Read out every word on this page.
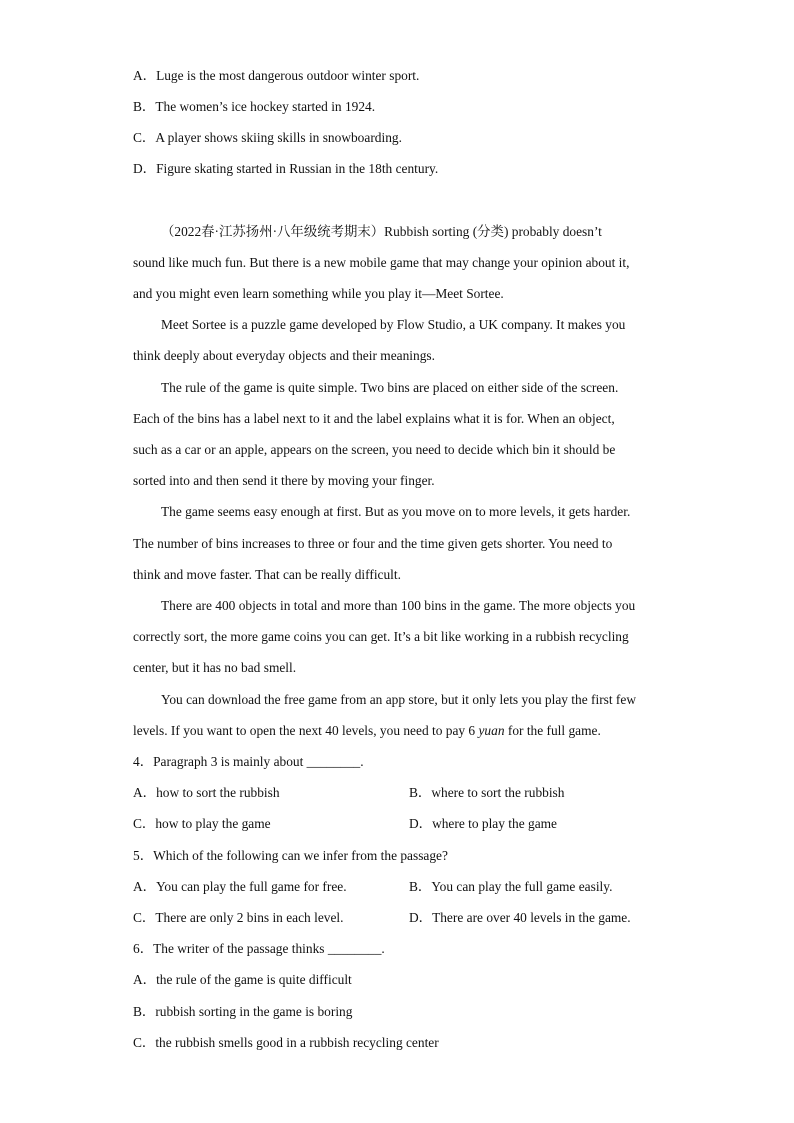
A．Luge is the most dangerous outdoor winter sport.
B．The women’s ice hockey started in 1924.
C．A player shows skiing skills in snowboarding.
D．Figure skating started in Russian in the 18th century.
（2022春·江苏扬州·八年级统考期末）Rubbish sorting (分类) probably doesn’t
sound like much fun. But there is a new mobile game that may change your opinion about it,
and you might even learn something while you play it—Meet Sortee.
Meet Sortee is a puzzle game developed by Flow Studio, a UK company. It makes you
think deeply about everyday objects and their meanings.
The rule of the game is quite simple. Two bins are placed on either side of the screen.
Each of the bins has a label next to it and the label explains what it is for. When an object,
such as a car or an apple, appears on the screen, you need to decide which bin it should be
sorted into and then send it there by moving your finger.
The game seems easy enough at first. But as you move on to more levels, it gets harder.
The number of bins increases to three or four and the time given gets shorter. You need to
think and move faster. That can be really difficult.
There are 400 objects in total and more than 100 bins in the game. The more objects you
correctly sort, the more game coins you can get. It’s a bit like working in a rubbish recycling
center, but it has no bad smell.
You can download the free game from an app store, but it only lets you play the first few
levels. If you want to open the next 40 levels, you need to pay 6 yuan for the full game.
4．Paragraph 3 is mainly about ________.
A．how to sort the rubbish	B．where to sort the rubbish
C．how to play the game	D．where to play the game
5．Which of the following can we infer from the passage?
A．You can play the full game for free.	B．You can play the full game easily.
C．There are only 2 bins in each level.	D．There are over 40 levels in the game.
6．The writer of the passage thinks ________.
A．the rule of the game is quite difficult
B．rubbish sorting in the game is boring
C．the rubbish smells good in a rubbish recycling center
